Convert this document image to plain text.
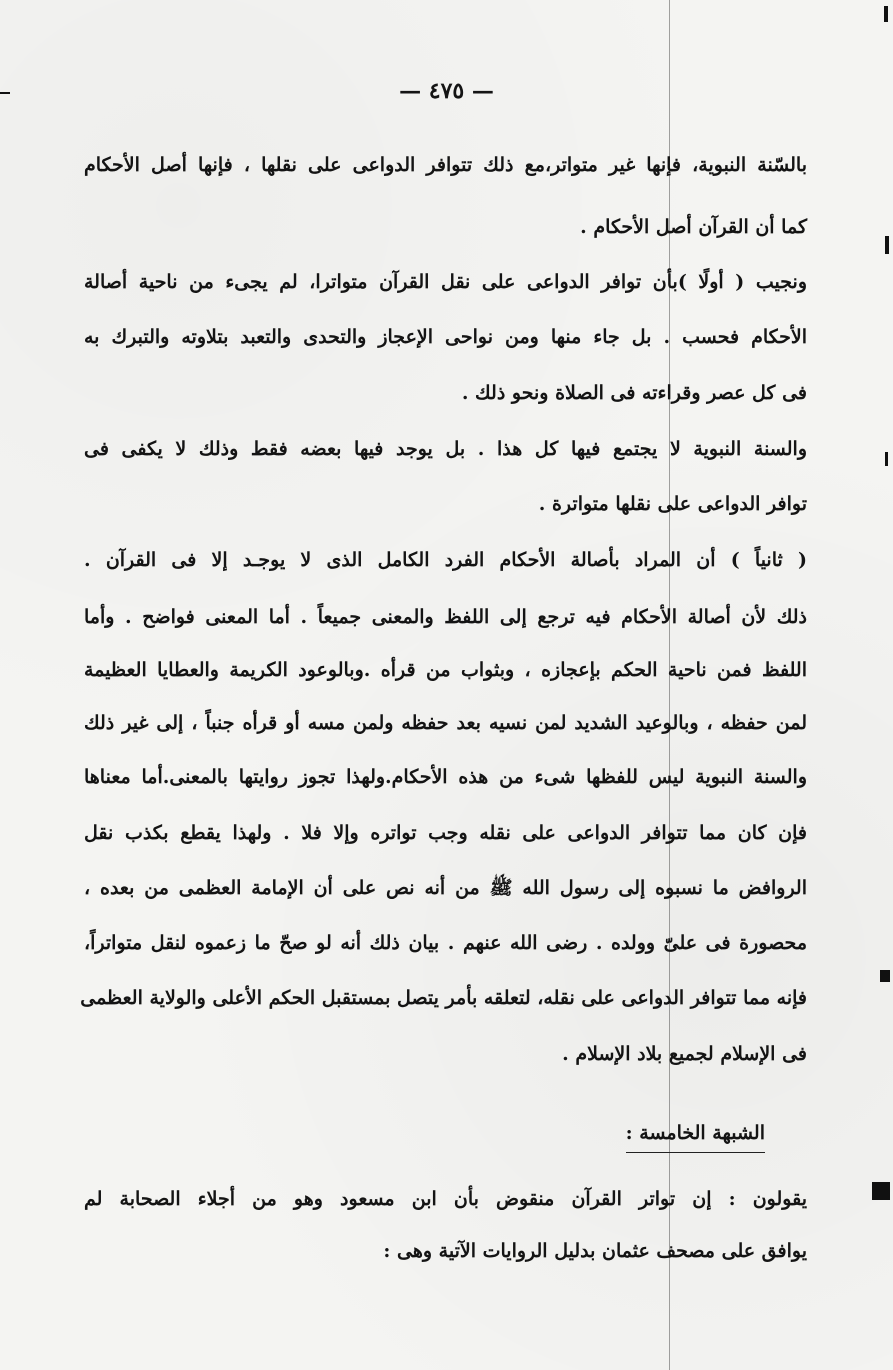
— ٤٧٥ —
بالسّنة النبوية، فإنها غير متواتر،مع ذلك تتوافر الدواعى على نقلها ، فإنها أصل الأحكام
كما أن القرآن أصل الأحكام .
ونجيب ( أولًا )بأن توافر الدواعى على نقل القرآن متواترا، لم يجىء من ناحية أصالة
الأحكام فحسب . بل جاء منها ومن نواحى الإعجاز والتحدى والتعبد بتلاوته والتبرك به
فى كل عصر وقراءته فى الصلاة ونحو ذلك .
والسنة النبوية لا يجتمع فيها كل هذا . بل يوجد فيها بعضه فقط وذلك لا يكفى فى
توافر الدواعى على نقلها متواترة .
( ثانياً ) أن المراد بأصالة الأحكام الفرد الكامل الذى لا يوجـد إلا فى القرآن .
ذلك لأن أصالة الأحكام فيه ترجع إلى اللفظ والمعنى جميعاً . أما المعنى فواضح . وأما
اللفظ فمن ناحية الحكم بإعجازه ، وبثواب من قرأه .وبالوعود الكريمة والعطايا العظيمة
لمن حفظه ، وبالوعيد الشديد لمن نسيه بعد حفظه ولمن مسه أو قرأه جنباً ، إلى غير ذلك
والسنة النبوية ليس للفظها شىء من هذه الأحكام.ولهذا تجوز روايتها بالمعنى.أما معناها
فإن كان مما تتوافر الدواعى على نقله وجب تواتره وإلا فلا . ولهذا يقطع بكذب نقل
الروافض ما نسبوه إلى رسول الله ﷺ من أنه نص على أن الإمامة العظمى من بعده ،
محصورة فى علىّ وولده . رضى الله عنهم . بيان ذلك أنه لو صحّ ما زعموه لنقل متواتراً،
فإنه مما تتوافر الدواعى على نقله، لتعلقه بأمر يتصل بمستقبل الحكم الأعلى والولاية العظمى
فى الإسلام لجميع بلاد الإسلام .
الشبهة الخامسة :
يقولون : إن تواتر القرآن منقوض بأن ابن مسعود وهو من أجلاء الصحابة لم
يوافق على مصحف عثمان بدليل الروايات الآتية وهى :
